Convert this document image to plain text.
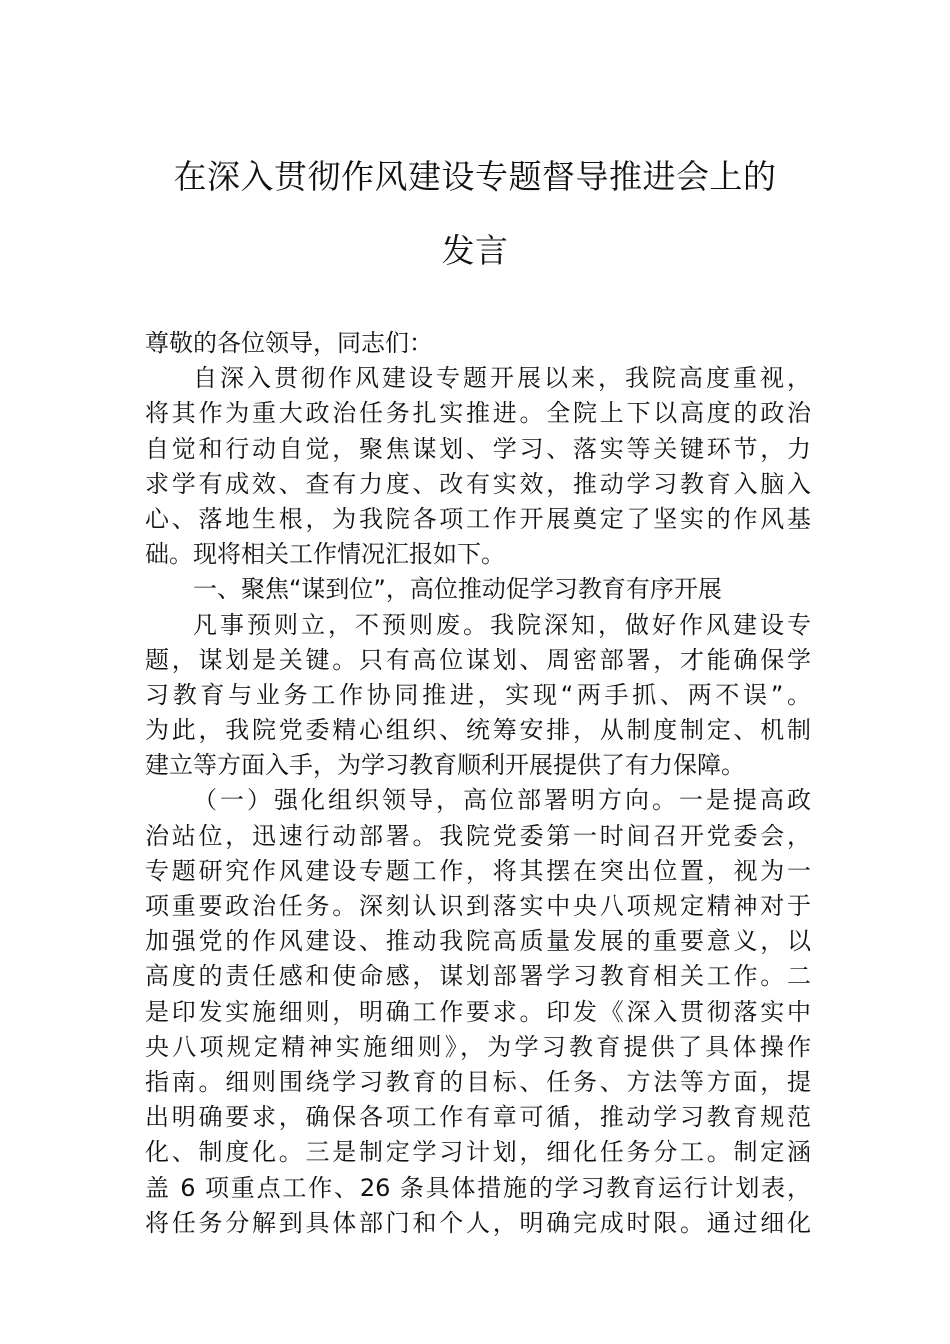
在深入贯彻作风建设专题督导推进会上的
发言
尊敬的各位领导，同志们：
自深入贯彻作风建设专题开展以来，我院高度重视，
将其作为重大政治任务扎实推进。全院上下以高度的政治
自觉和行动自觉，聚焦谋划、学习、落实等关键环节，力
求学有成效、查有力度、改有实效，推动学习教育入脑入
心、落地生根，为我院各项工作开展奠定了坚实的作风基
础。现将相关工作情况汇报如下。
一、聚焦“谋到位”，高位推动促学习教育有序开展
凡事预则立，不预则废。我院深知，做好作风建设专
题，谋划是关键。只有高位谋划、周密部署，才能确保学
习教育与业务工作协同推进，实现“两手抓、两不误”。
为此，我院党委精心组织、统筹安排，从制度制定、机制
建立等方面入手，为学习教育顺利开展提供了有力保障。
（一）强化组织领导，高位部署明方向。一是提高政
治站位，迅速行动部署。我院党委第一时间召开党委会，
专题研究作风建设专题工作，将其摆在突出位置，视为一
项重要政治任务。深刻认识到落实中央八项规定精神对于
加强党的作风建设、推动我院高质量发展的重要意义，以
高度的责任感和使命感，谋划部署学习教育相关工作。二
是印发实施细则，明确工作要求。印发《深入贯彻落实中
央八项规定精神实施细则》，为学习教育提供了具体操作
指南。细则围绕学习教育的目标、任务、方法等方面，提
出明确要求，确保各项工作有章可循，推动学习教育规范
化、制度化。三是制定学习计划，细化任务分工。制定涵
盖 6 项重点工作、26 条具体措施的学习教育运行计划表，
将任务分解到具体部门和个人，明确完成时限。通过细化
